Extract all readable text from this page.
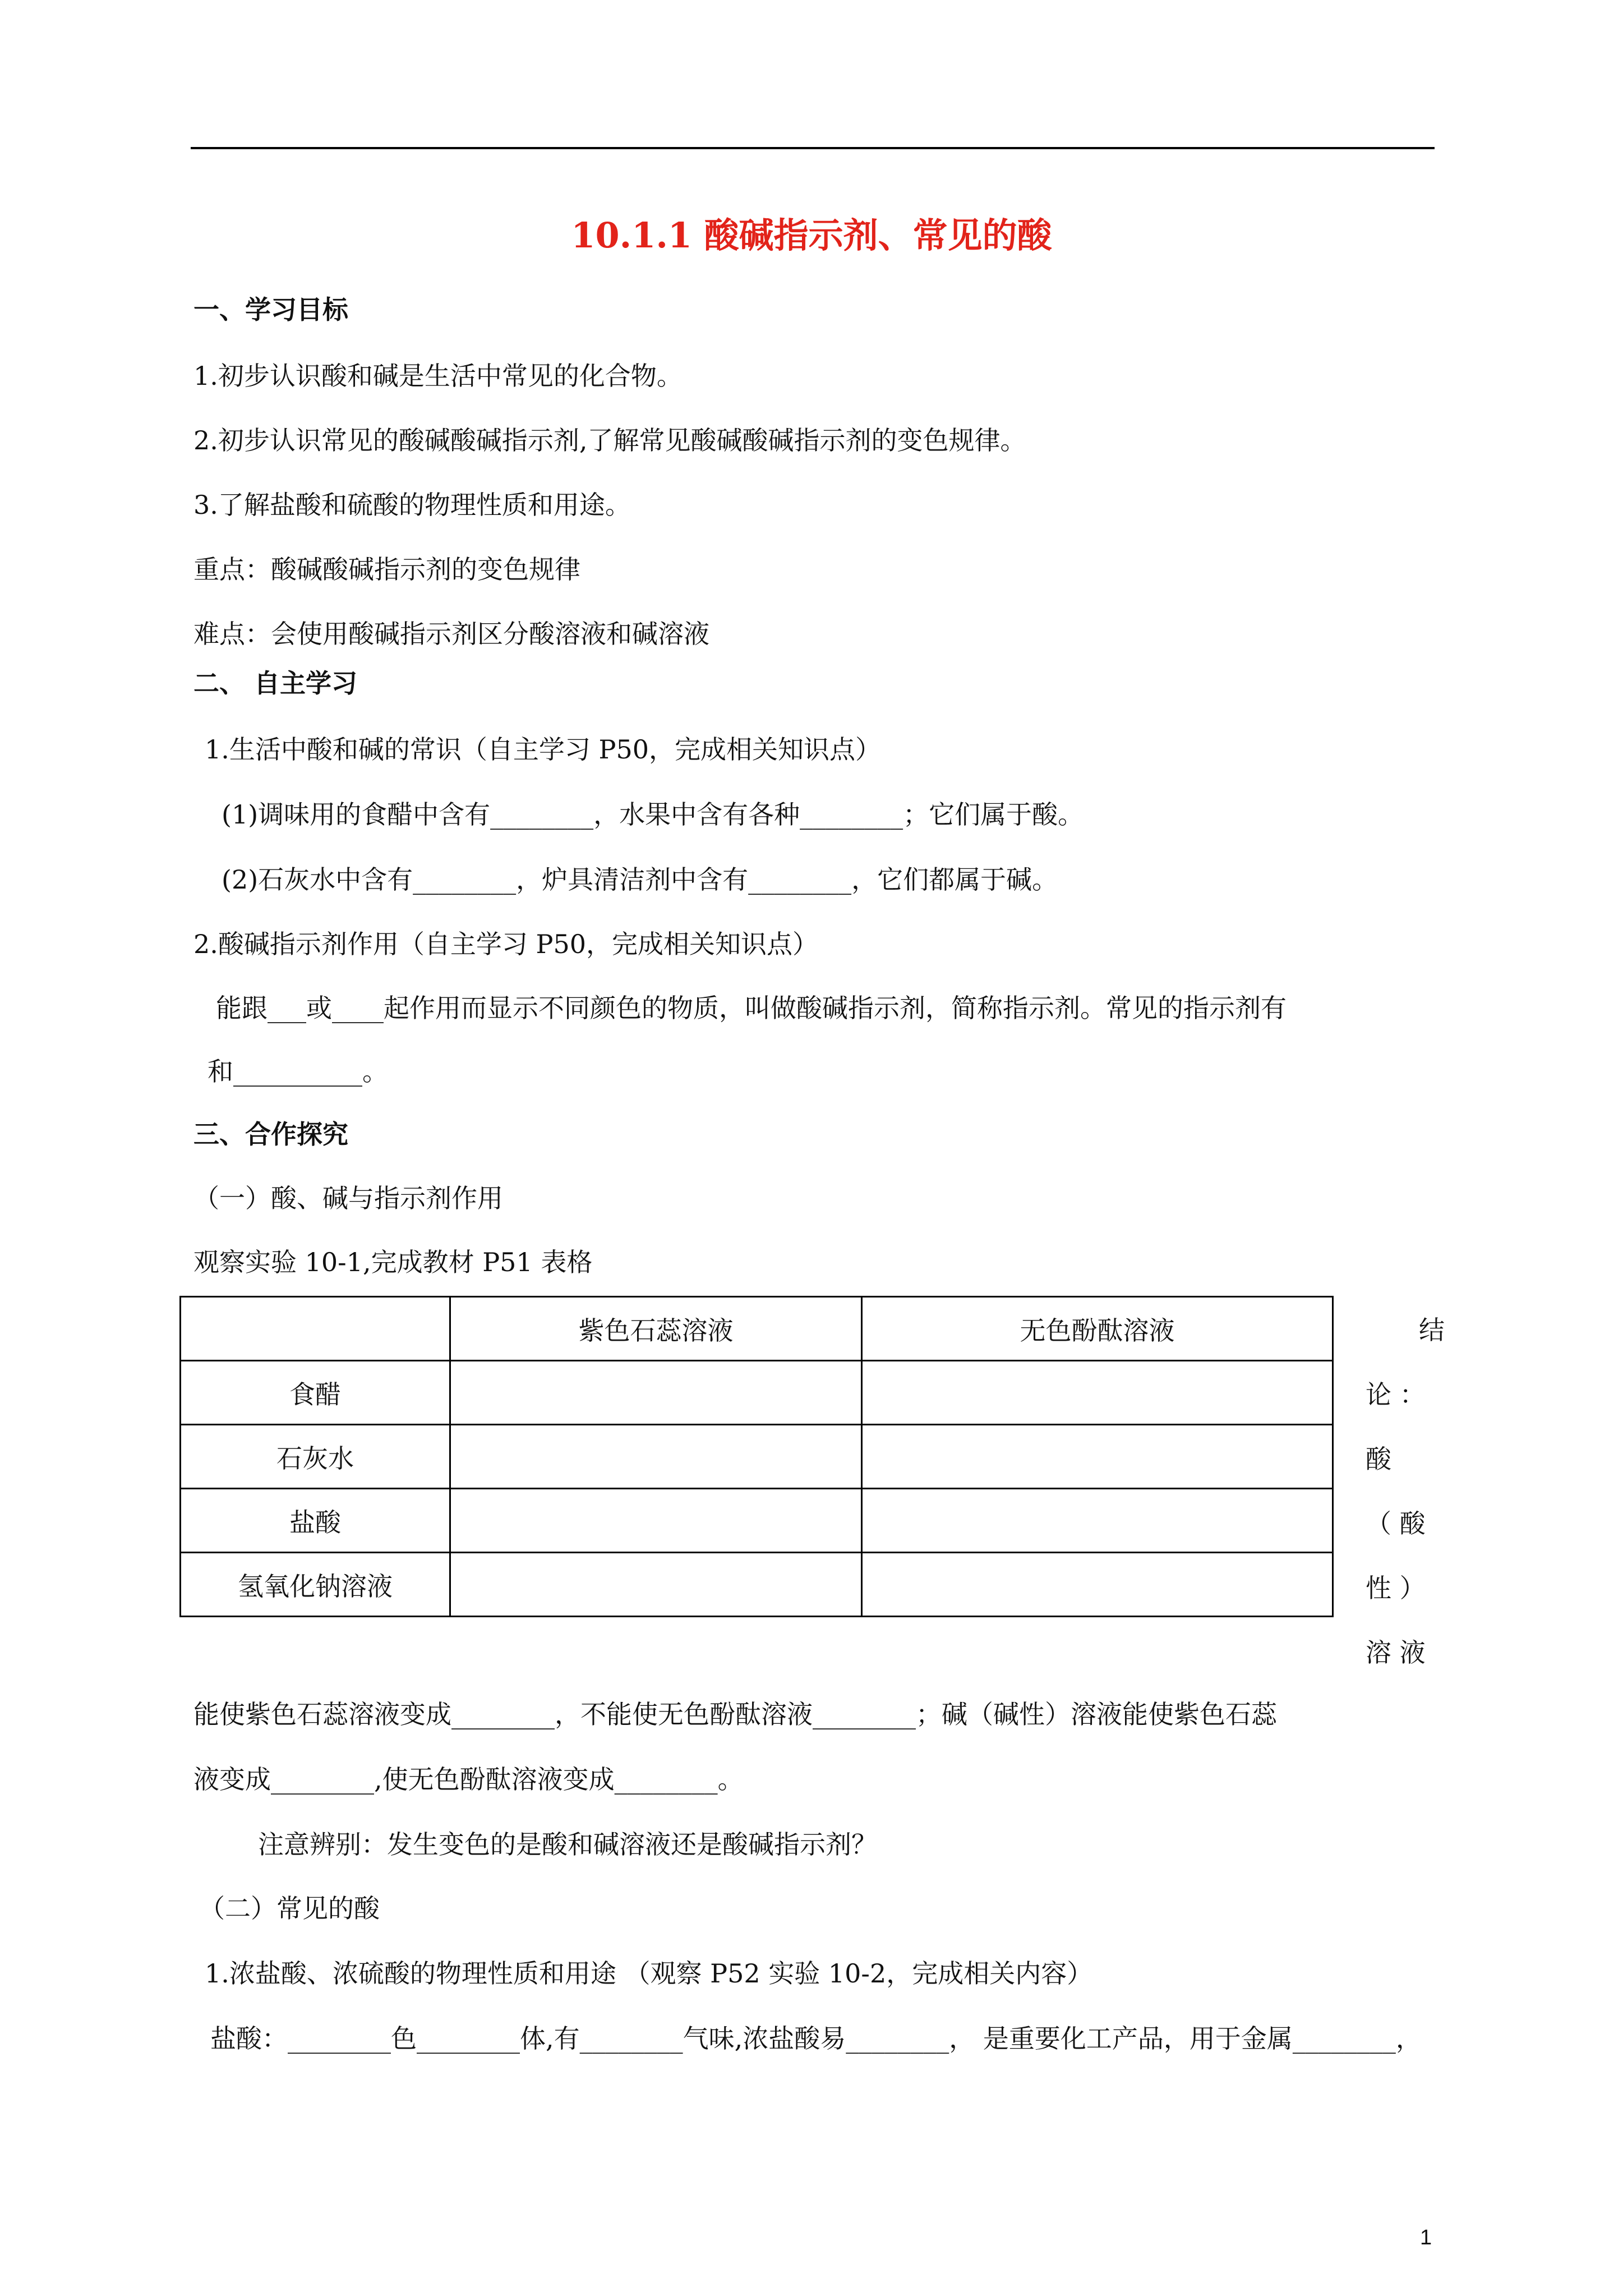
10.1.1 酸碱指示剂、常见的酸
一、学习目标
1.初步认识酸和碱是生活中常见的化合物。
2.初步认识常见的酸碱酸碱指示剂,了解常见酸碱酸碱指示剂的变色规律。
3.了解盐酸和硫酸的物理性质和用途。
重点：酸碱酸碱指示剂的变色规律
难点：会使用酸碱指示剂区分酸溶液和碱溶液
二、 自主学习
1.生活中酸和碱的常识（自主学习 P50，完成相关知识点）
(1)调味用的食醋中含有________，水果中含有各种________；它们属于酸。
(2)石灰水中含有________，炉具清洁剂中含有________，它们都属于碱。
2.酸碱指示剂作用（自主学习 P50，完成相关知识点）
能跟___或____起作用而显示不同颜色的物质，叫做酸碱指示剂，简称指示剂。常见的指示剂有
和__________。
三、合作探究
（一）酸、碱与指示剂作用
观察实验 10-1,完成教材 P51 表格
	紫色石蕊溶液	无色酚酞溶液
食醋		
石灰水		
盐酸		
氢氧化钠溶液		
结
论 ：
酸
（ 酸
性 ）
溶 液
能使紫色石蕊溶液变成________，不能使无色酚酞溶液________；碱（碱性）溶液能使紫色石蕊
液变成________,使无色酚酞溶液变成________。
注意辨别：发生变色的是酸和碱溶液还是酸碱指示剂？
（二）常见的酸
1.浓盐酸、浓硫酸的物理性质和用途 （观察 P52 实验 10-2，完成相关内容）
盐酸：________色________体,有________气味,浓盐酸易________， 是重要化工产品，用于金属________，
1
